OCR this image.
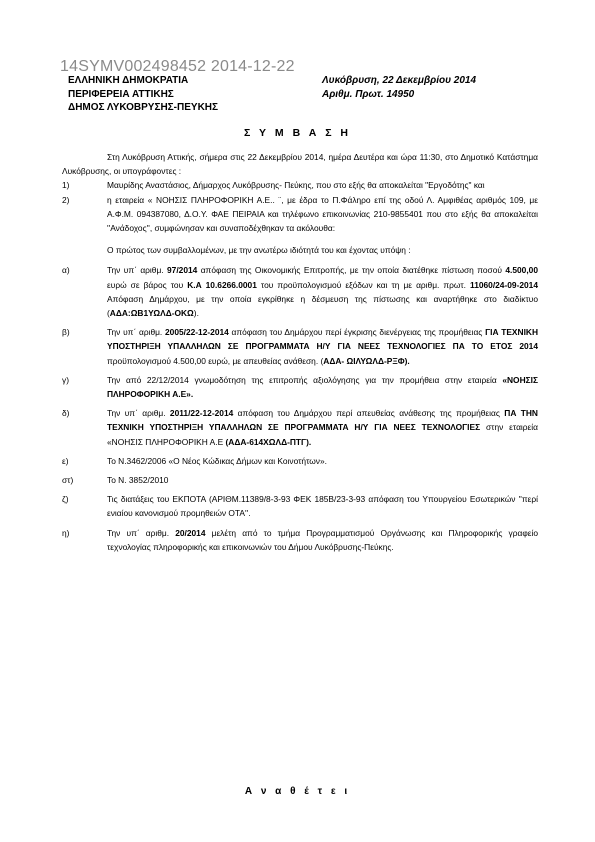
14SYMV002498452 2014-12-22
ΕΛΛΗΝΙΚΗ ΔΗΜΟΚΡΑΤΙΑ
ΠΕΡΙΦΕΡΕΙΑ ΑΤΤΙΚΗΣ
ΔΗΜΟΣ ΛΥΚΟΒΡΥΣΗΣ-ΠΕΥΚΗΣ
Λυκόβρυση, 22 Δεκεμβρίου 2014
Αριθμ. Πρωτ. 14950
Σ Υ Μ Β Α Σ Η
Στη Λυκόβρυση Αττικής, σήμερα στις 22 Δεκεμβρίου 2014, ημέρα Δευτέρα και ώρα 11:30, στο Δημοτικό Κατάστημα Λυκόβρυσης, οι υπογράφοντες :
1)	Μαυρίδης Αναστάσιος, Δήμαρχος Λυκόβρυσης- Πεύκης, που στο εξής θα αποκαλείται "Εργοδότης" και
2)	η εταιρεία « ΝΟΗΣΙΣ ΠΛΗΡΟΦΟΡΙΚΗ Α.Ε.. ¨, με έδρα το Π.Φάληρο επί της οδού Λ. Αμφιθέας αριθμός 109, με Α.Φ.Μ. 094387080, Δ.Ο.Υ. ΦΑΕ ΠΕΙΡΑΙΑ και τηλέφωνο επικοινωνίας 210-9855401 που στο εξής θα αποκαλείται ''Ανάδοχος'', συμφώνησαν και συναποδέχθηκαν τα ακόλουθα:
Ο πρώτος των συμβαλλομένων, με την ανωτέρω ιδιότητά του και έχοντας υπόψη :
α)	Την υπ΄ αριθμ. 97/2014 απόφαση της Οικονομικής Επιτροπής, με την οποία διατέθηκε πίστωση ποσού 4.500,00 ευρώ σε βάρος του Κ.Α 10.6266.0001 του προϋπολογισμού εξόδων και τη με αριθμ. πρωτ. 11060/24-09-2014 Απόφαση Δημάρχου, με την οποία εγκρίθηκε η δέσμευση της πίστωσης και αναρτήθηκε στο διαδίκτυο (ΑΔΑ:ΩΒ1ΥΩΛΔ-ΟΚΩ).
β)	Την υπ΄ αριθμ. 2005/22-12-2014 απόφαση του Δημάρχου περί έγκρισης διενέργειας της προμήθειας ΓΙΑ ΤΕΧΝΙΚΗ ΥΠΟΣΤΗΡΙΞΗ ΥΠΑΛΛΗΛΩΝ ΣΕ ΠΡΟΓΡΑΜΜΑΤΑ Η/Υ ΓΙΑ ΝΕΕΣ ΤΕΧΝΟΛΟΓΙΕΣ ΠΑ ΤΟ ΕΤΟΣ 2014 προϋπολογισμού 4.500,00 ευρώ, με απευθείας ανάθεση. (ΑΔΑ- ΩΙΛΥΩΛΔ-ΡΞΦ).
γ)	Την από 22/12/2014 γνωμοδότηση της επιτροπής αξιολόγησης για την προμήθεια στην εταιρεία «ΝΟΗΣΙΣ ΠΛΗΡΟΦΟΡΙΚΗ Α.Ε».
δ)	Την υπ΄ αριθμ. 2011/22-12-2014 απόφαση του Δημάρχου περί απευθείας ανάθεσης της προμήθειας ΠΑ ΤΗΝ ΤΕΧΝΙΚΗ ΥΠΟΣΤΗΡΙΞΗ ΥΠΑΛΛΗΛΩΝ ΣΕ ΠΡΟΓΡΑΜΜΑΤΑ Η/Υ ΓΙΑ ΝΕΕΣ ΤΕΧΝΟΛΟΓΙΕΣ στην εταιρεία «ΝΟΗΣΙΣ ΠΛΗΡΟΦΟΡΙΚΗ Α.Ε (ΑΔΑ-614ΧΩΛΔ-ΠΤΓ).
ε)	Το Ν.3462/2006 «Ο Νέος Κώδικας Δήμων και Κοινοτήτων».
στ)	Το Ν. 3852/2010
ζ)	Τις διατάξεις του ΕΚΠΟΤΑ (ΑΡΙΘΜ.11389/8-3-93 ΦΕΚ 185Β/23-3-93 απόφαση του Υπουργείου Εσωτερικών ''περί ενιαίου κανονισμού προμηθειών ΟΤΑ''.
η)	Την υπ΄ αριθμ. 20/2014 μελέτη από το τμήμα Προγραμματισμού Οργάνωσης και Πληροφορικής γραφείο τεχνολογίας πληροφορικής και επικοινωνιών του Δήμου Λυκόβρυσης-Πεύκης.
Α ν α θ έ τ ε ι
